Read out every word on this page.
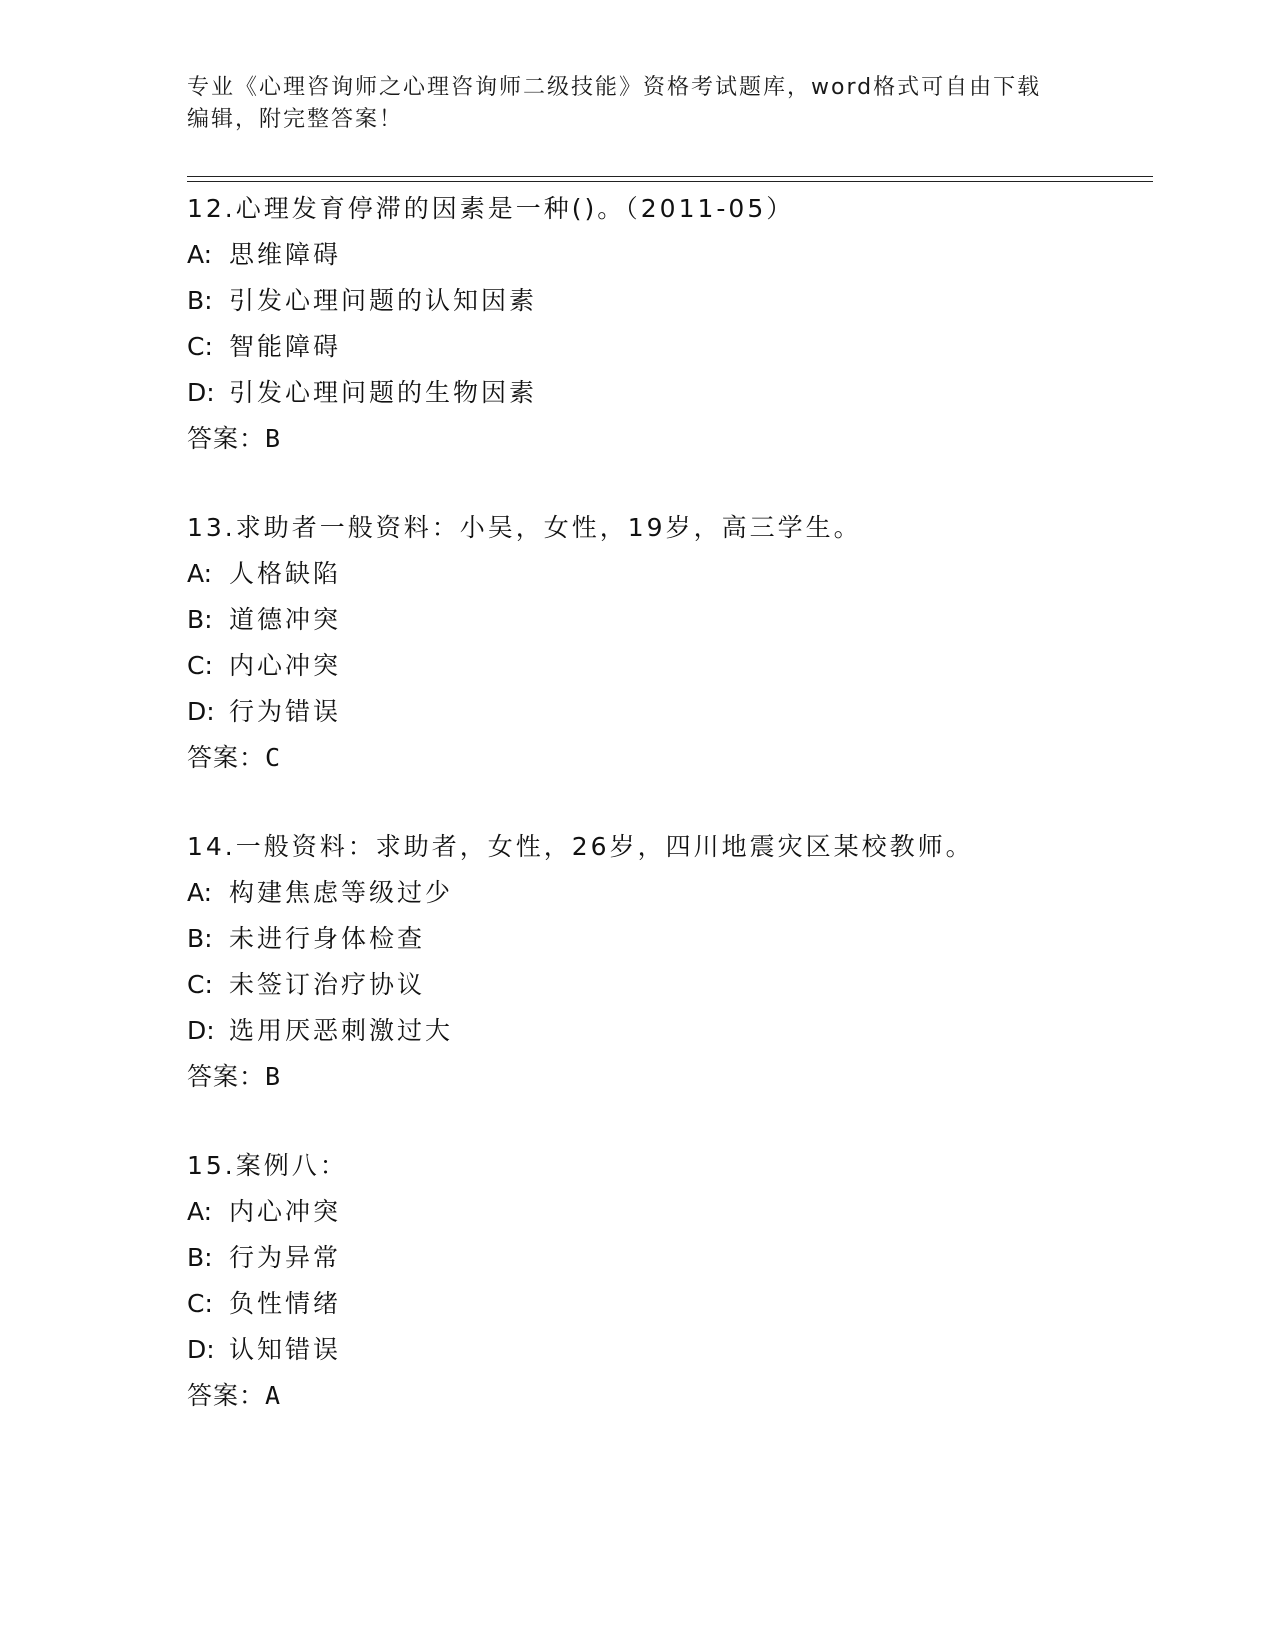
专业《心理咨询师之心理咨询师二级技能》资格考试题库，word格式可自由下载
编辑，附完整答案！
12.心理发育停滞的因素是一种()。（2011-05）
A: 思维障碍
B: 引发心理问题的认知因素
C: 智能障碍
D: 引发心理问题的生物因素
答案：B
13.求助者一般资料：小吴，女性，19岁，高三学生。
A: 人格缺陷
B: 道德冲突
C: 内心冲突
D: 行为错误
答案：C
14.一般资料：求助者，女性，26岁，四川地震灾区某校教师。
A: 构建焦虑等级过少
B: 未进行身体检查
C: 未签订治疗协议
D: 选用厌恶刺激过大
答案：B
15.案例八：
A: 内心冲突
B: 行为异常
C: 负性情绪
D: 认知错误
答案：A
